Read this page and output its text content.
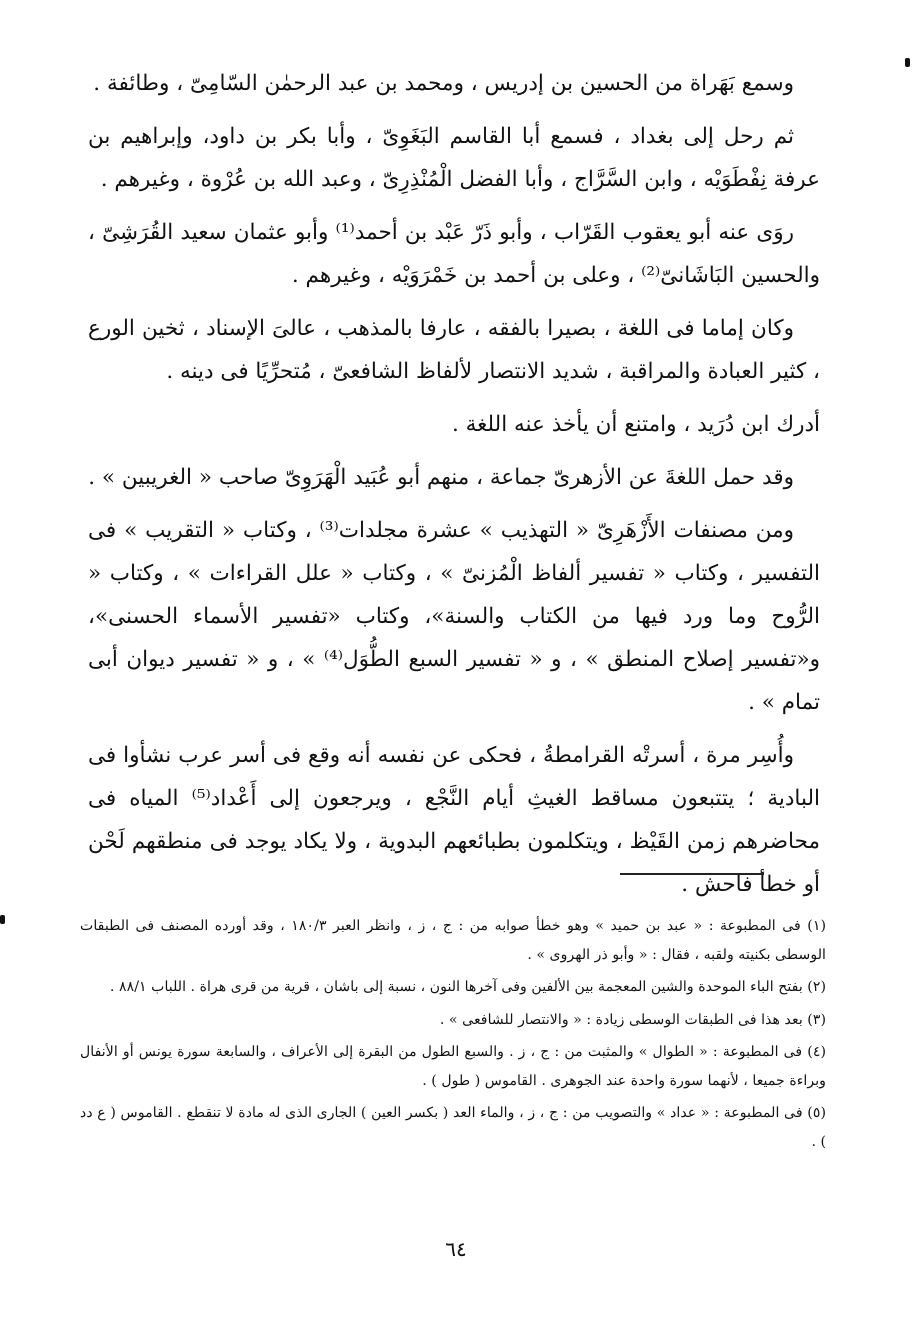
وسمع بَهَراة من الحسين بن إدريس ، ومحمد بن عبد الرحمٰن السّامِىّ ، وطائفة .

ثم رحل إلى بغداد ، فسمع أبا القاسم البَغَوِىّ ، وأبا بكر بن داود، وإبراهيم بن عرفة نِفْطَوَيْه ، وابن السَّرَّاج ، وأبا الفضل الْمُنْذِرِىّ ، وعبد الله بن عُرْوة ، وغيرهم .

روَى عنه أبو يعقوب القَرّاب ، وأبو ذَرّ عَبْد بن أحمد⁽¹⁾ وأبو عثمان سعيد القُرَشِىّ ، والحسين البَاشَانىّ⁽²⁾ ، وعلى بن أحمد بن خَمْرَوَيْه ، وغيرهم .

وكان إماما فى اللغة ، بصيرا بالفقه ، عارفا بالمذهب ، عالىَ الإسناد ، ثخين الورع ، كثير العبادة والمراقبة ، شديد الانتصار لألفاظ الشافعىّ ، مُتحرِّيًا فى دينه .

أدرك ابن دُرَيد ، وامتنع أن يأخذ عنه اللغة .

وقد حمل اللغةَ عن الأزهرىّ جماعة ، منهم أبو عُبَيد الْهَرَوِىّ صاحب « الغريبين » .

ومن مصنفات الأَزْهَرِىّ « التهذيب » عشرة مجلدات⁽³⁾ ، وكتاب « التقريب » فى التفسير ، وكتاب « تفسير ألفاظ الْمُزنىّ » ، وكتاب « علل القراءات » ، وكتاب « الرُّوح وما ورد فيها من الكتاب والسنة»، وكتاب «تفسير الأسماء الحسنى»، و«تفسير إصلاح المنطق » ، و « تفسير السبع الطُّوَل⁽⁴⁾ » ، و « تفسير ديوان أبى تمام » .

وأُسِر مرة ، أسرتْه القرامطةُ ، فحكى عن نفسه أنه وقع فى أسر عرب نشأوا فى البادية ؛ يتتبعون مساقط الغيثِ أيام النَّجْع ، ويرجعون إلى أَعْداد⁽⁵⁾ المياه فى محاضرهم زمن القَيْظ ، ويتكلمون بطبائعهم البدوية ، ولا يكاد يوجد فى منطقهم لَحْن أو خطأ فاحش .

(١) فى المطبوعة : « عبد بن حميد » وهو خطأ صوابه من : ج ، ز ، وانظر العبر ١٨٠/٣ ، وقد أورده المصنف فى الطبقات الوسطى بكنيته ولقبه ، فقال : « وأبو ذر الهروى » .

(٢) بفتح الباء الموحدة والشين المعجمة بين الألفين وفى آخرها النون ، نسبة إلى باشان ، قرية من قرى هراة . اللباب ٨٨/١ .

(٣) بعد هذا فى الطبقات الوسطى زيادة : « والانتصار للشافعى » .

(٤) فى المطبوعة : « الطوال » والمثبت من : ج ، ز . والسبع الطول من البقرة إلى الأعراف ، والسابعة سورة يونس أو الأنفال وبراءة جميعا ، لأنهما سورة واحدة عند الجوهرى . القاموس ( طول ) .

(٥) فى المطبوعة : « عداد » والتصويب من : ج ، ز ، والماء العد ( بكسر العين ) الجارى الذى له مادة لا تنقطع . القاموس ( ع دد ) .

٦٤
